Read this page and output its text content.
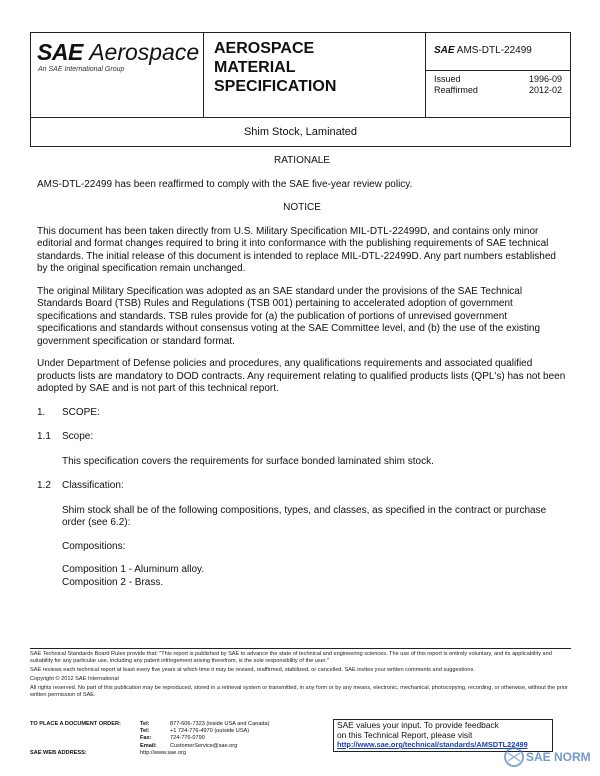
SAE Aerospace
An SAE International Group
AEROSPACE
MATERIAL
SPECIFICATION
SAE AMS-DTL-22499
Issued	1996-09
Reaffirmed	2012-02
Shim Stock, Laminated
RATIONALE

AMS-DTL-22499 has been reaffirmed to comply with the SAE five-year review policy.

NOTICE

This document has been taken directly from U.S. Military Specification MIL-DTL-22499D, and contains only minor editorial and format changes required to bring it into conformance with the publishing requirements of SAE technical standards. The initial release of this document is intended to replace MIL-DTL-22499D. Any part numbers established by the original specification remain unchanged.

The original Military Specification was adopted as an SAE standard under the provisions of the SAE Technical Standards Board (TSB) Rules and Regulations (TSB 001) pertaining to accelerated adoption of government specifications and standards. TSB rules provide for (a) the publication of portions of unrevised government specifications and standards without consensus voting at the SAE Committee level, and (b) the use of the existing government specification or standard format.

Under Department of Defense policies and procedures, any qualifications requirements and associated qualified products lists are mandatory to DOD contracts. Any requirement relating to qualified products lists (QPL's) has not been adopted by SAE and is not part of this technical report.

1.	SCOPE:
1.1	Scope:

This specification covers the requirements for surface bonded laminated shim stock.

1.2	Classification:

Shim stock shall be of the following compositions, types, and classes, as specified in the contract or purchase order (see 6.2):

Compositions:

Composition 1 - Aluminum alloy.

Composition 2 - Brass.

SAE Technical Standards Board Rules provide that: "This report is published by SAE to advance the state of technical and engineering sciences. The use of this report is entirely voluntary, and its applicability and suitability for any particular use, including any patent infringement arising therefrom, is the sole responsibility of the user."

SAE reviews each technical report at least every five years at which time it may be revised, reaffirmed, stabilized, or cancelled. SAE invites your written comments and suggestions.

Copyright © 2012 SAE International

All rights reserved. No part of this publication may be reproduced, stored in a retrieval system or transmitted, in any form or by any means, electronic, mechanical, photocopying, recording, or otherwise, without the prior written permission of SAE.

TO PLACE A DOCUMENT ORDER:	Tel:	877-606-7323 (inside USA and Canada)
Tel:	+1 724-776-4970 (outside USA)
Fax:	724-776-0790
Email:	CustomerService@sae.org
SAE WEB ADDRESS:	http://www.sae.org
SAE values your input. To provide feedback
on this Technical Report, please visit
http://www.sae.org/technical/standards/AMSDTL22499
SAE NORM
